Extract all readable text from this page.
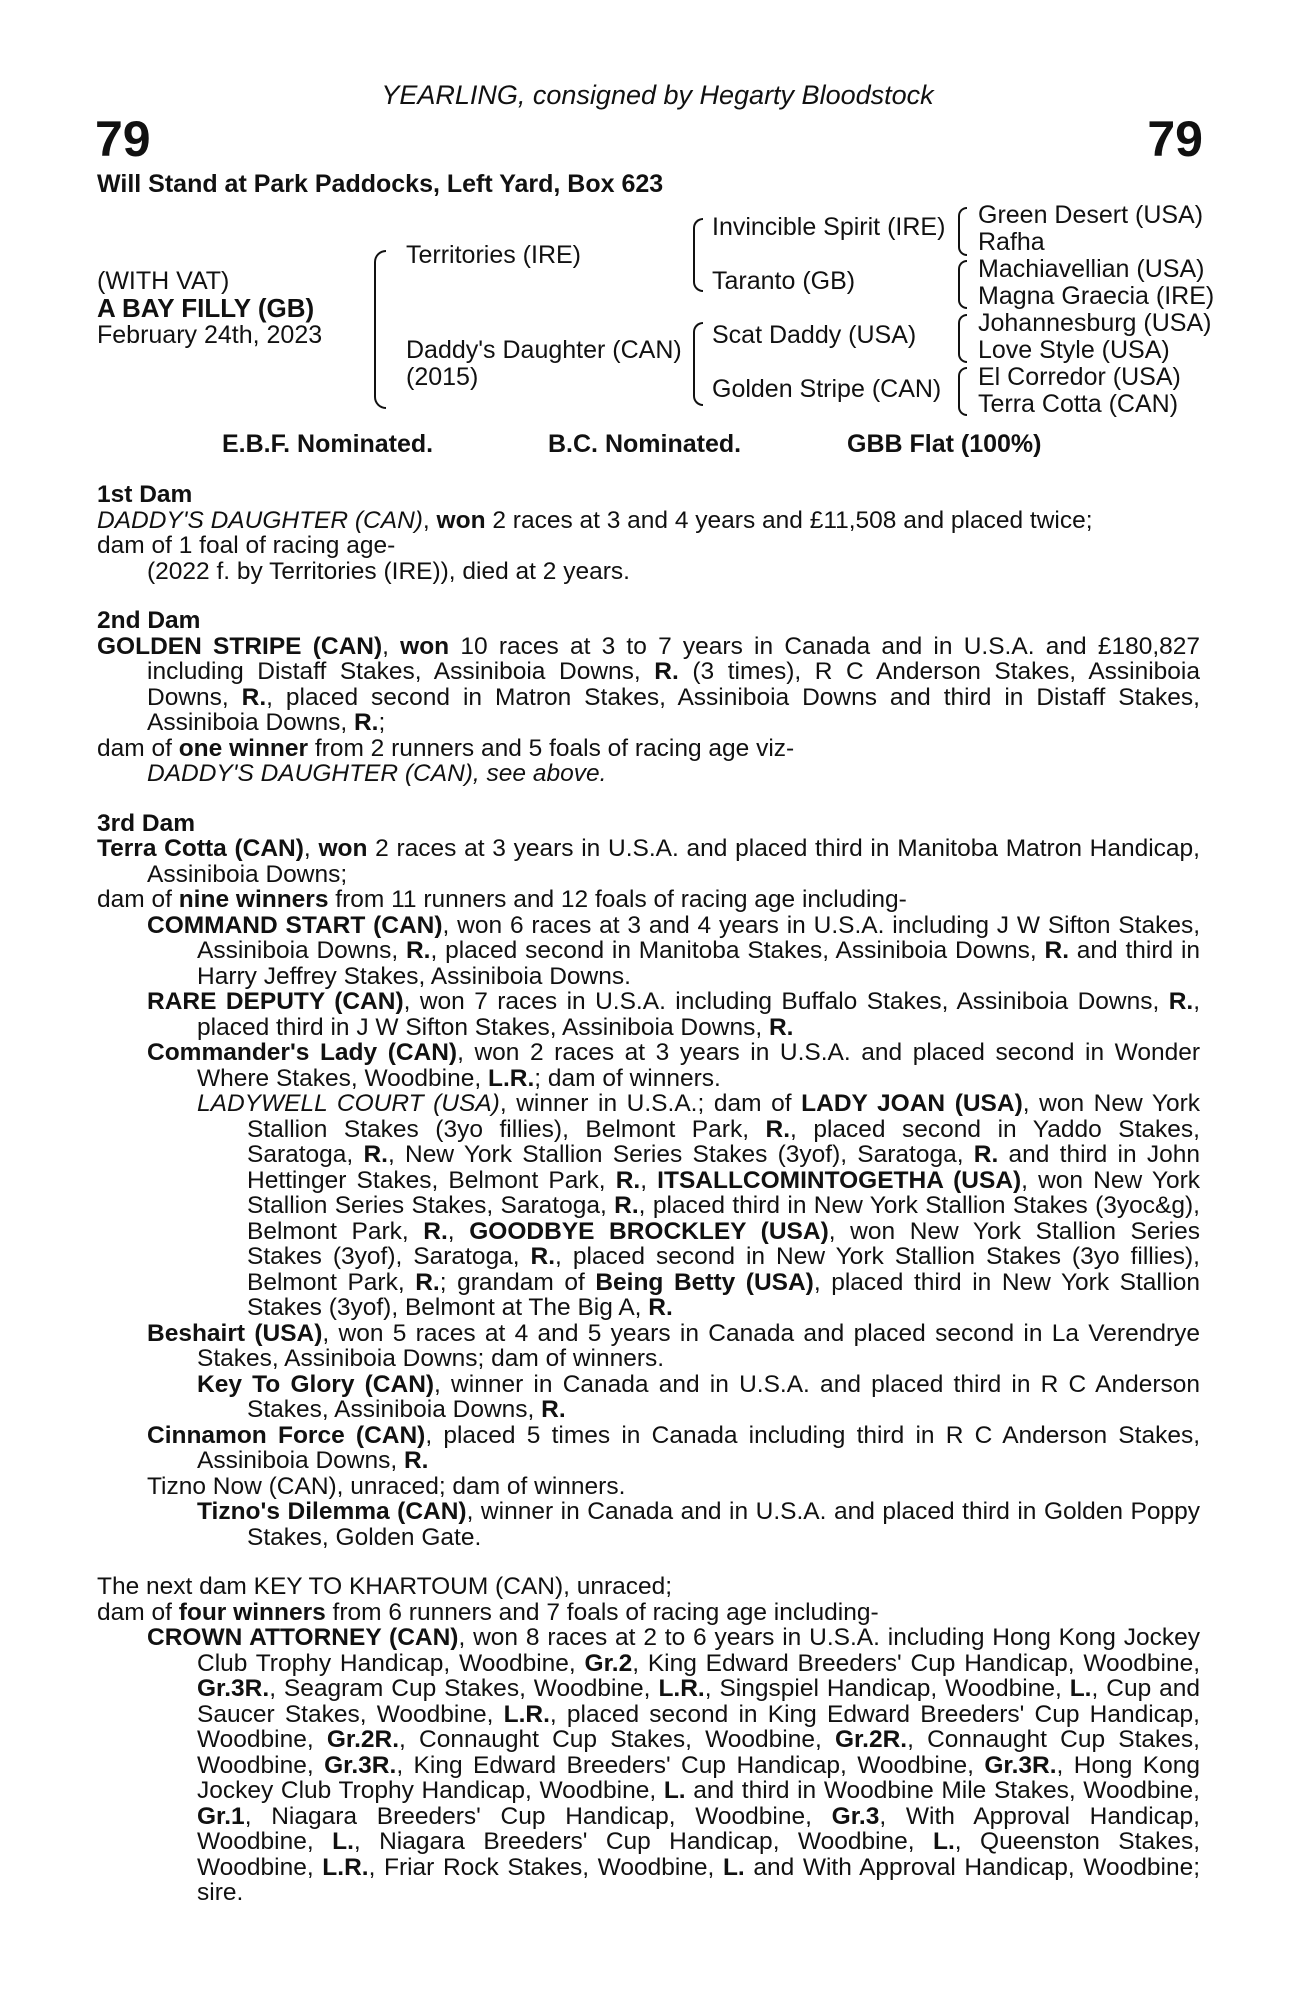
YEARLING, consigned by Hegarty Bloodstock
79	79
Will Stand at Park Paddocks, Left Yard, Box 623
(WITH VAT)
A BAY FILLY (GB)
February 24th, 2023
Territories (IRE)
Daddy's Daughter (CAN)
(2015)
Invincible Spirit (IRE)
Taranto (GB)
Scat Daddy (USA)
Golden Stripe (CAN)
Green Desert (USA)
Rafha
Machiavellian (USA)
Magna Graecia (IRE)
Johannesburg (USA)
Love Style (USA)
El Corredor (USA)
Terra Cotta (CAN)
E.B.F. Nominated.	B.C. Nominated.	GBB Flat (100%)
1st Dam

DADDY'S DAUGHTER (CAN), won 2 races at 3 and 4 years and £11,508 and placed twice;

dam of 1 foal of racing age-

(2022 f. by Territories (IRE)), died at 2 years.

2nd Dam

GOLDEN STRIPE (CAN), won 10 races at 3 to 7 years in Canada and in U.S.A. and £180,827 including Distaff Stakes, Assiniboia Downs, R. (3 times), R C Anderson Stakes, Assiniboia Downs, R., placed second in Matron Stakes, Assiniboia Downs and third in Distaff Stakes, Assiniboia Downs, R.;

dam of one winner from 2 runners and 5 foals of racing age viz-

DADDY'S DAUGHTER (CAN), see above.

3rd Dam

Terra Cotta (CAN), won 2 races at 3 years in U.S.A. and placed third in Manitoba Matron Handicap, Assiniboia Downs;

dam of nine winners from 11 runners and 12 foals of racing age including-

COMMAND START (CAN), won 6 races at 3 and 4 years in U.S.A. including J W Sifton Stakes, Assiniboia Downs, R., placed second in Manitoba Stakes, Assiniboia Downs, R. and third in Harry Jeffrey Stakes, Assiniboia Downs.

RARE DEPUTY (CAN), won 7 races in U.S.A. including Buffalo Stakes, Assiniboia Downs, R., placed third in J W Sifton Stakes, Assiniboia Downs, R.

Commander's Lady (CAN), won 2 races at 3 years in U.S.A. and placed second in Wonder Where Stakes, Woodbine, L.R.; dam of winners.

LADYWELL COURT (USA), winner in U.S.A.; dam of LADY JOAN (USA), won New York Stallion Stakes (3yo fillies), Belmont Park, R., placed second in Yaddo Stakes, Saratoga, R., New York Stallion Series Stakes (3yof), Saratoga, R. and third in John Hettinger Stakes, Belmont Park, R., ITSALLCOMINTOGETHA (USA), won New York Stallion Series Stakes, Saratoga, R., placed third in New York Stallion Stakes (3yoc&g), Belmont Park, R., GOODBYE BROCKLEY (USA), won New York Stallion Series Stakes (3yof), Saratoga, R., placed second in New York Stallion Stakes (3yo fillies), Belmont Park, R.; grandam of Being Betty (USA), placed third in New York Stallion Stakes (3yof), Belmont at The Big A, R.

Beshairt (USA), won 5 races at 4 and 5 years in Canada and placed second in La Verendrye Stakes, Assiniboia Downs; dam of winners.

Key To Glory (CAN), winner in Canada and in U.S.A. and placed third in R C Anderson Stakes, Assiniboia Downs, R.

Cinnamon Force (CAN), placed 5 times in Canada including third in R C Anderson Stakes, Assiniboia Downs, R.

Tizno Now (CAN), unraced; dam of winners.

Tizno's Dilemma (CAN), winner in Canada and in U.S.A. and placed third in Golden Poppy Stakes, Golden Gate.

The next dam KEY TO KHARTOUM (CAN), unraced;

dam of four winners from 6 runners and 7 foals of racing age including-

CROWN ATTORNEY (CAN), won 8 races at 2 to 6 years in U.S.A. including Hong Kong Jockey Club Trophy Handicap, Woodbine, Gr.2, King Edward Breeders' Cup Handicap, Woodbine, Gr.3R., Seagram Cup Stakes, Woodbine, L.R., Singspiel Handicap, Woodbine, L., Cup and Saucer Stakes, Woodbine, L.R., placed second in King Edward Breeders' Cup Handicap, Woodbine, Gr.2R., Connaught Cup Stakes, Woodbine, Gr.2R., Connaught Cup Stakes, Woodbine, Gr.3R., King Edward Breeders' Cup Handicap, Woodbine, Gr.3R., Hong Kong Jockey Club Trophy Handicap, Woodbine, L. and third in Woodbine Mile Stakes, Woodbine, Gr.1, Niagara Breeders' Cup Handicap, Woodbine, Gr.3, With Approval Handicap, Woodbine, L., Niagara Breeders' Cup Handicap, Woodbine, L., Queenston Stakes, Woodbine, L.R., Friar Rock Stakes, Woodbine, L. and With Approval Handicap, Woodbine; sire.
